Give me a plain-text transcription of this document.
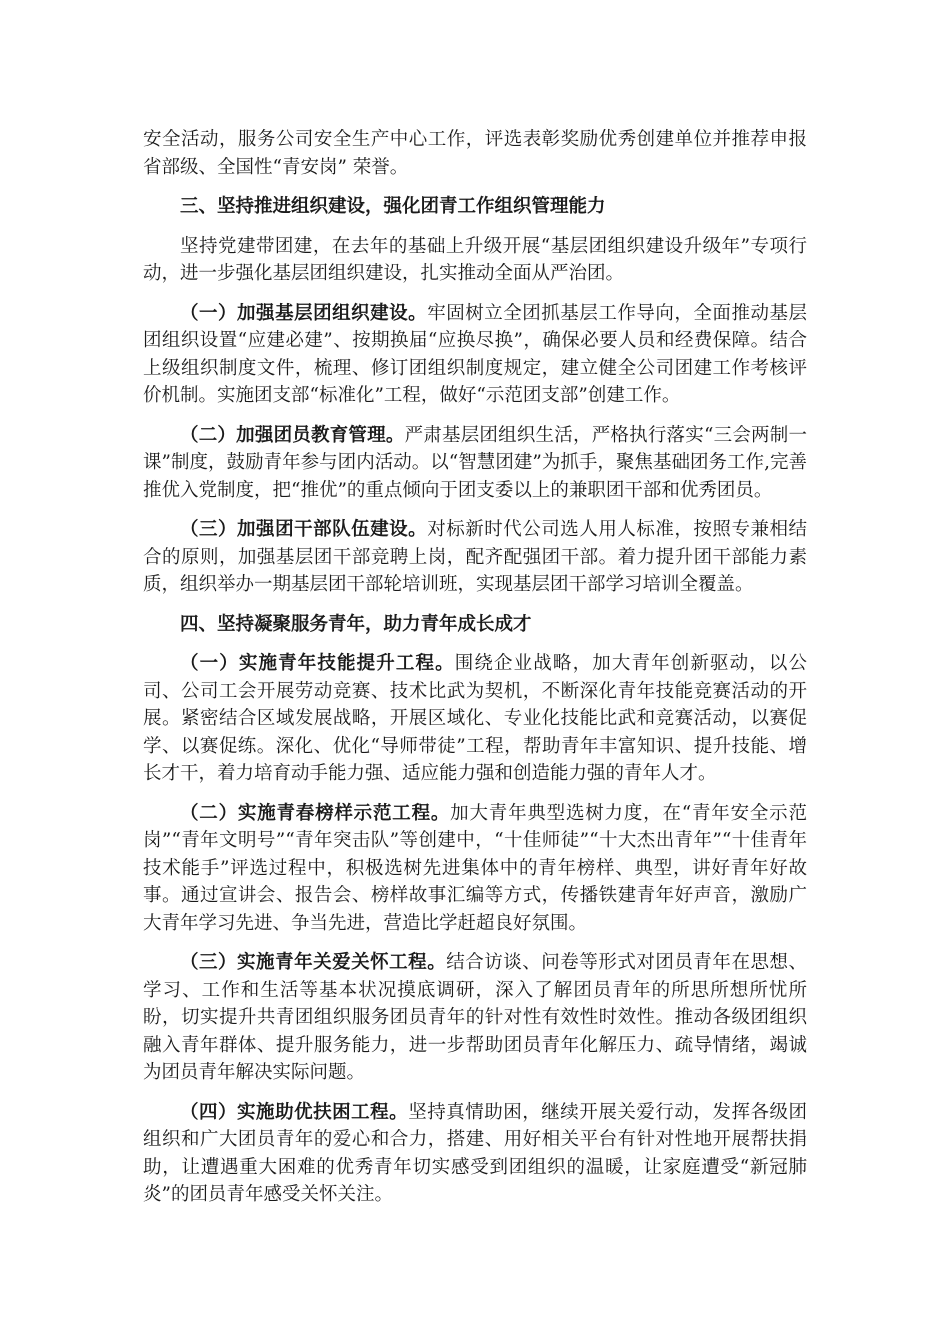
安全活动，服务公司安全生产中心工作，评选表彰奖励优秀创建单位并推荐申报省部级、全国性“青安岗” 荣誉。

三、坚持推进组织建设，强化团青工作组织管理能力

坚持党建带团建，在去年的基础上升级开展“基层团组织建设升级年”专项行动，进一步强化基层团组织建设，扎实推动全面从严治团。

（一）加强基层团组织建设。牢固树立全团抓基层工作导向，全面推动基层团组织设置“应建必建”、按期换届“应换尽换”，确保必要人员和经费保障。结合上级组织制度文件，梳理、修订团组织制度规定，建立健全公司团建工作考核评价机制。实施团支部“标准化”工程，做好“示范团支部”创建工作。

（二）加强团员教育管理。严肃基层团组织生活，严格执行落实“三会两制一课”制度，鼓励青年参与团内活动。以“智慧团建”为抓手，聚焦基础团务工作,完善推优入党制度，把“推优”的重点倾向于团支委以上的兼职团干部和优秀团员。

（三）加强团干部队伍建设。对标新时代公司选人用人标准，按照专兼相结合的原则，加强基层团干部竞聘上岗，配齐配强团干部。着力提升团干部能力素质，组织举办一期基层团干部轮培训班，实现基层团干部学习培训全覆盖。

四、坚持凝聚服务青年，助力青年成长成才

（一）实施青年技能提升工程。围绕企业战略，加大青年创新驱动，以公司、公司工会开展劳动竞赛、技术比武为契机，不断深化青年技能竞赛活动的开展。紧密结合区域发展战略，开展区域化、专业化技能比武和竞赛活动，以赛促学、以赛促练。深化、优化“导师带徒”工程，帮助青年丰富知识、提升技能、增长才干，着力培育动手能力强、适应能力强和创造能力强的青年人才。

（二）实施青春榜样示范工程。加大青年典型选树力度，在“青年安全示范岗”“青年文明号”“青年突击队”等创建中，“十佳师徒”“十大杰出青年”“十佳青年技术能手”评选过程中，积极选树先进集体中的青年榜样、典型，讲好青年好故事。通过宣讲会、报告会、榜样故事汇编等方式，传播铁建青年好声音，激励广大青年学习先进、争当先进，营造比学赶超良好氛围。

（三）实施青年关爱关怀工程。结合访谈、问卷等形式对团员青年在思想、学习、工作和生活等基本状况摸底调研，深入了解团员青年的所思所想所忧所盼，切实提升共青团组织服务团员青年的针对性有效性时效性。推动各级团组织融入青年群体、提升服务能力，进一步帮助团员青年化解压力、疏导情绪，竭诚为团员青年解决实际问题。

（四）实施助优扶困工程。坚持真情助困，继续开展关爱行动，发挥各级团组织和广大团员青年的爱心和合力，搭建、用好相关平台有针对性地开展帮扶捐助，让遭遇重大困难的优秀青年切实感受到团组织的温暖，让家庭遭受“新冠肺炎”的团员青年感受关怀关注。
